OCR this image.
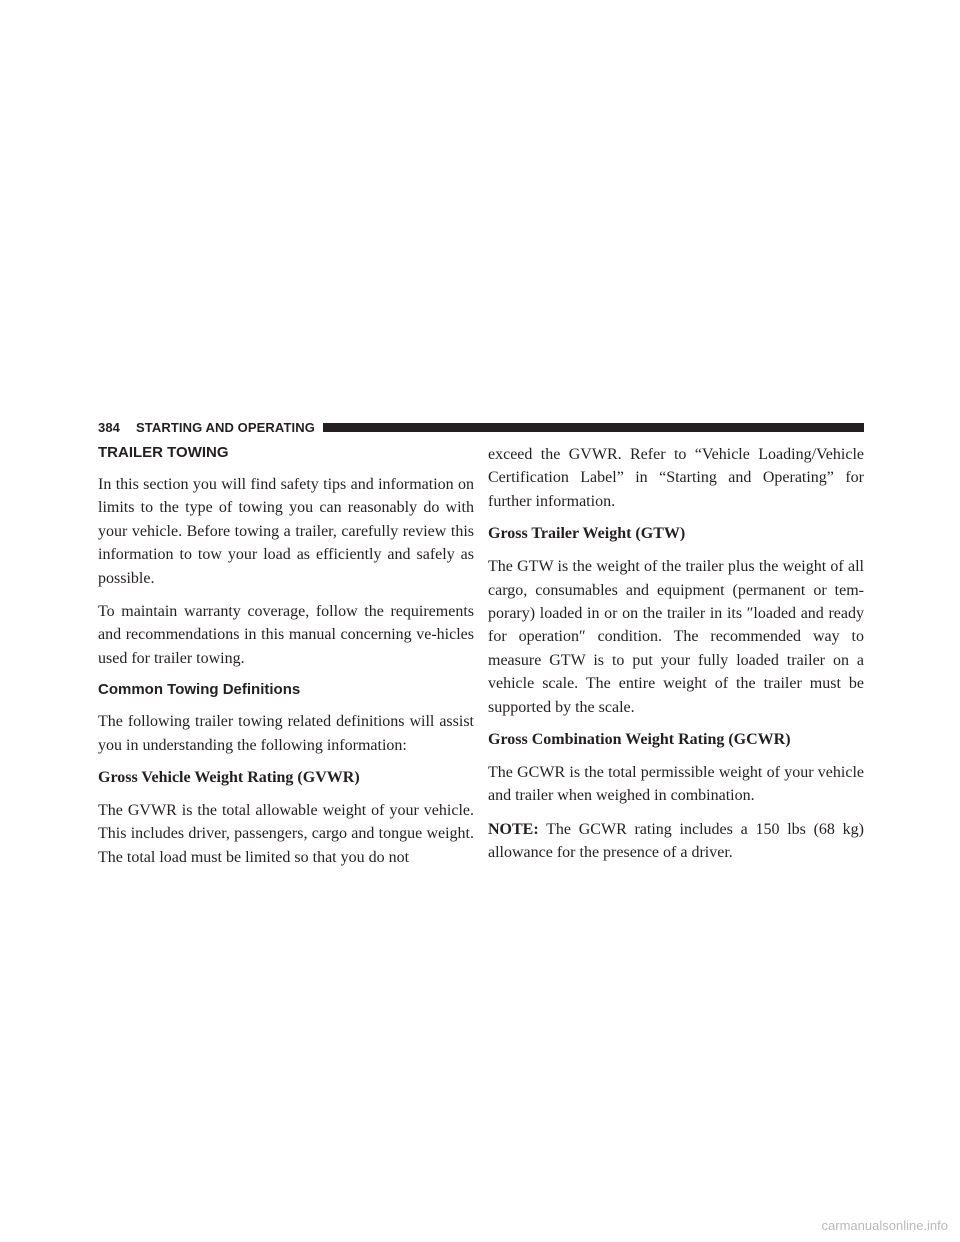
384	STARTING AND OPERATING
TRAILER TOWING

In this section you will find safety tips and information on limits to the type of towing you can reasonably do with your vehicle. Before towing a trailer, carefully review this information to tow your load as efficiently and safely as possible.

To maintain warranty coverage, follow the requirements and recommendations in this manual concerning ve-hicles used for trailer towing.

Common Towing Definitions

The following trailer towing related definitions will assist you in understanding the following information:

Gross Vehicle Weight Rating (GVWR)

The GVWR is the total allowable weight of your vehicle. This includes driver, passengers, cargo and tongue weight. The total load must be limited so that you do not

exceed the GVWR. Refer to “Vehicle Loading/Vehicle Certification Label” in “Starting and Operating” for further information.

Gross Trailer Weight (GTW)

The GTW is the weight of the trailer plus the weight of all cargo, consumables and equipment (permanent or tem-porary) loaded in or on the trailer in its ″loaded and ready for operation″ condition. The recommended way to measure GTW is to put your fully loaded trailer on a vehicle scale. The entire weight of the trailer must be supported by the scale.

Gross Combination Weight Rating (GCWR)

The GCWR is the total permissible weight of your vehicle and trailer when weighed in combination.

NOTE: The GCWR rating includes a 150 lbs (68 kg) allowance for the presence of a driver.

carmanualsonline.info
